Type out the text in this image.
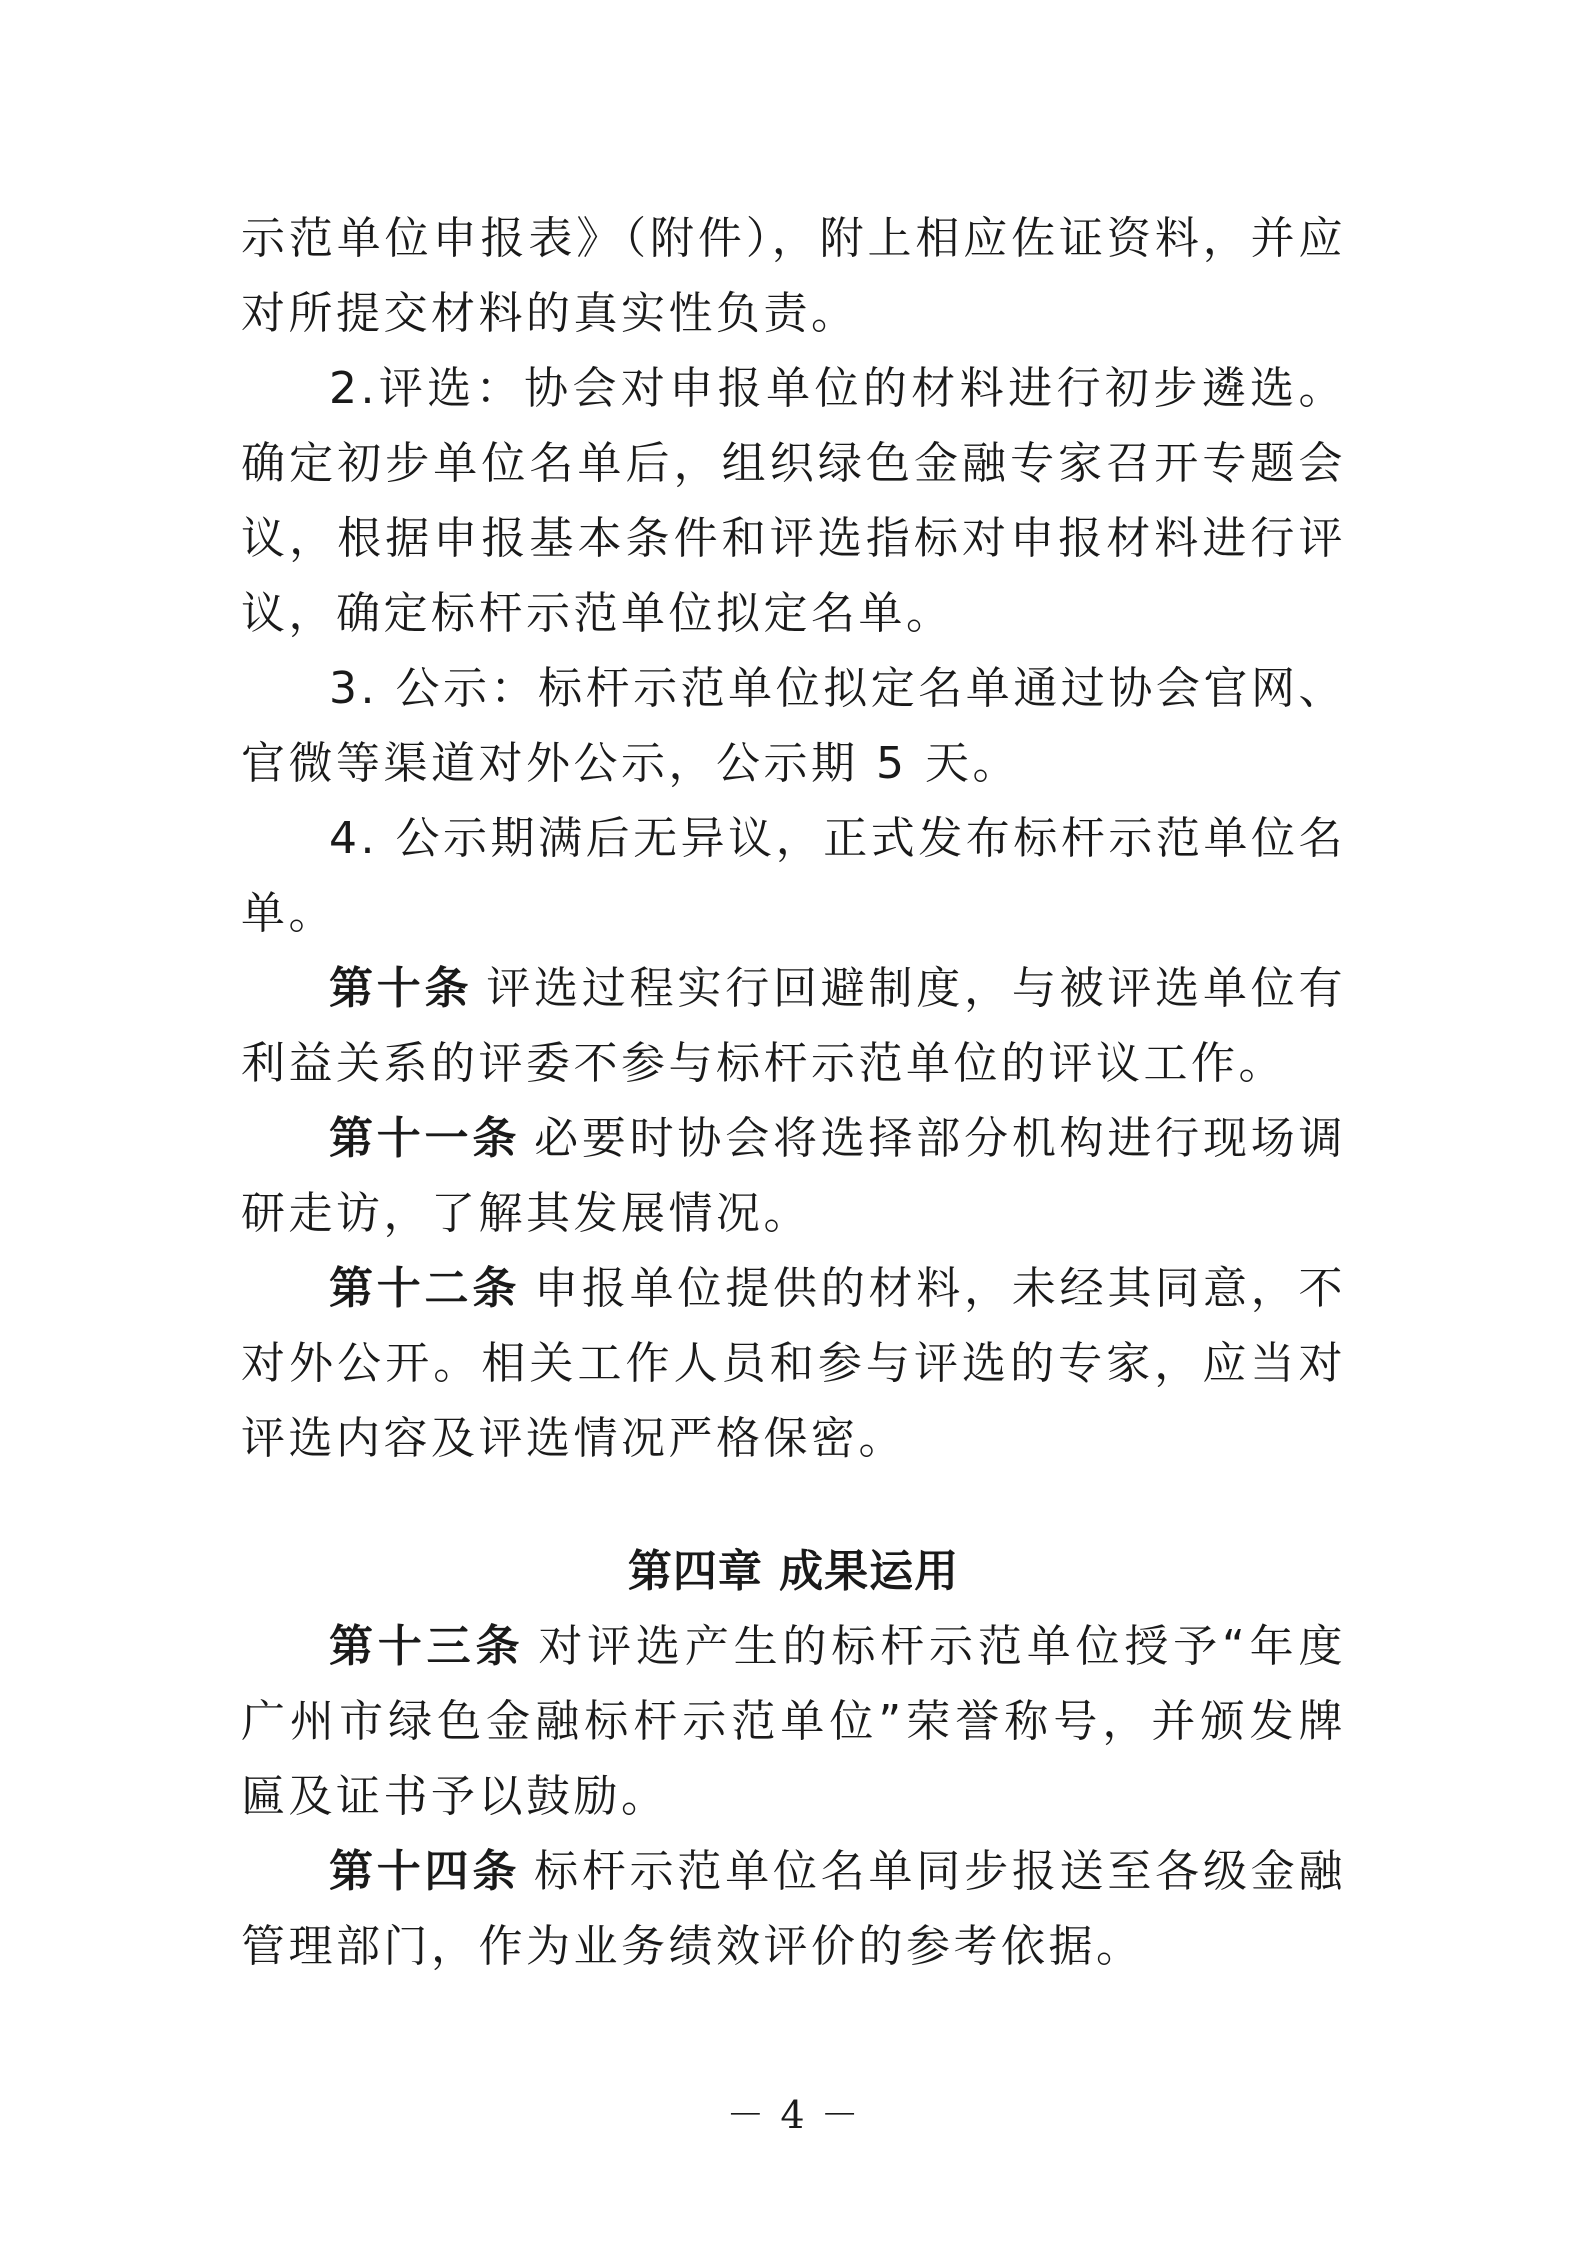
示范单位申报表》（附件），附上相应佐证资料，并应对所提交材料的真实性负责。

2.评选：协会对申报单位的材料进行初步遴选。确定初步单位名单后，组织绿色金融专家召开专题会议，根据申报基本条件和评选指标对申报材料进行评议，确定标杆示范单位拟定名单。

3. 公示：标杆示范单位拟定名单通过协会官网、官微等渠道对外公示，公示期 5 天。

4. 公示期满后无异议，正式发布标杆示范单位名单。

第十条 评选过程实行回避制度，与被评选单位有利益关系的评委不参与标杆示范单位的评议工作。

第十一条 必要时协会将选择部分机构进行现场调研走访，了解其发展情况。

第十二条 申报单位提供的材料，未经其同意，不对外公开。相关工作人员和参与评选的专家，应当对评选内容及评选情况严格保密。

第四章 成果运用

第十三条 对评选产生的标杆示范单位授予“年度广州市绿色金融标杆示范单位”荣誉称号，并颁发牌匾及证书予以鼓励。

第十四条 标杆示范单位名单同步报送至各级金融管理部门，作为业务绩效评价的参考依据。

－ 4 －
